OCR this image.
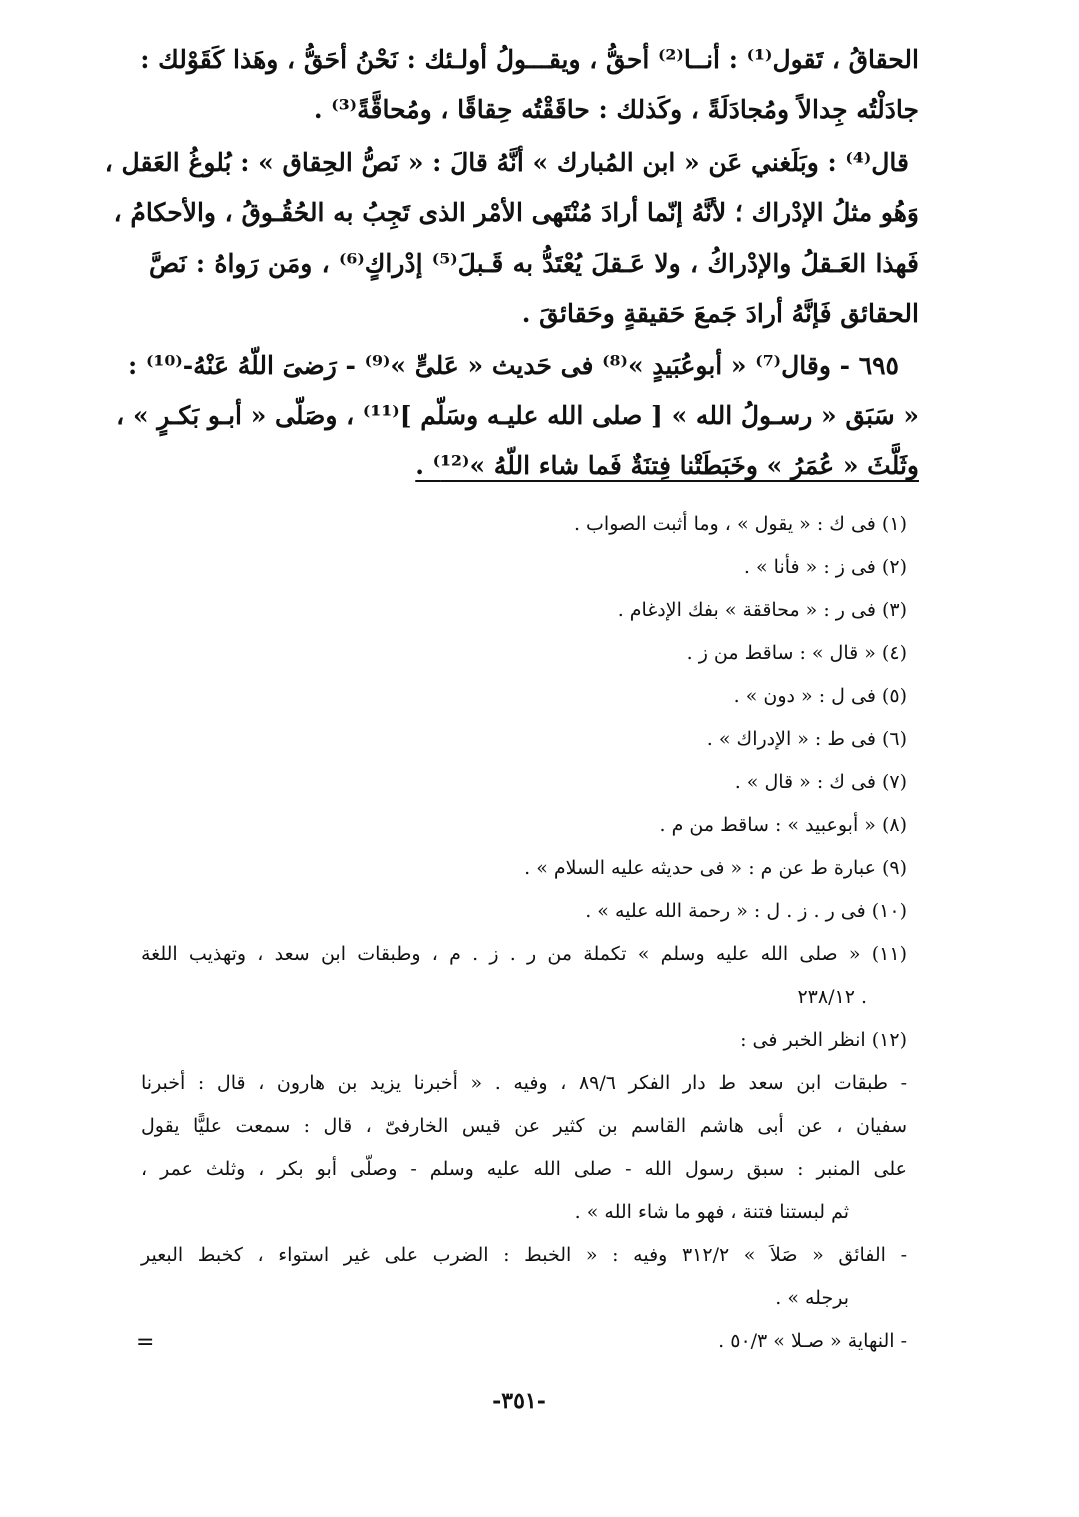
الحقاقُ ، تَقول⁽¹⁾ : أنــا⁽²⁾ أحقُّ ، ويقـــولُ أولـئك : نَحْنُ أحَقُّ ، وهَذا كَقَوْلك :
جادَلْتُه جِدالاً ومُجادَلَةً ، وكَذلك : حاقَقْتُه حِقاقًا ، ومُحاقَّةً⁽³⁾ .
قال⁽⁴⁾ : وبَلَغني عَن « ابن المُبارك » أنَّهُ قالَ : « نَصُّ الحِقاق » : بُلوغُ العَقل ،
وَهُو مثلُ الإدْراك ؛ لأنَّهُ إنّما أرادَ مُنْتَهى الأمْر الذى تَجِبُ به الحُقُـوقُ ، والأحكامُ ،
فَهذا العَـقلُ والإدْراكُ ، ولا عَـقلَ يُعْتَدُّ به قَـبلَ⁽⁵⁾ إدْراكٍ⁽⁶⁾ ، ومَن رَواهُ : نَصَّ
الحقائق فَإنَّهُ أرادَ جَمعَ حَقيقةٍ وحَقائقَ .
٦٩٥ - وقال⁽⁷⁾ « أبوعُبَيدٍ »⁽⁸⁾ فى حَديث « عَلىٍّ »⁽⁹⁾ - رَضىَ اللّهُ عَنْهُ-⁽¹⁰⁾ :
« سَبَق « رسـولُ الله » [ صلى الله عليـه وسَلّم ]⁽¹¹⁾ ، وصَلّى « أبـو بَكـرٍ » ،
وثَلَّثَ « عُمَرُ » وخَبَطَتْنا فِتنَةٌ فَما شاء اللّهُ »⁽¹²⁾ .
(١) فى ك : « يقول » ، وما أثبت الصواب .
(٢) فى ز : « فأنا » .
(٣) فى ر : « محاققة » بفك الإدغام .
(٤) « قال » : ساقط من ز .
(٥) فى ل : « دون » .
(٦) فى ط : « الإدراك » .
(٧) فى ك : « قال » .
(٨) « أبوعبيد » : ساقط من م .
(٩) عبارة ط عن م : « فى حديثه عليه السلام » .
(١٠) فى ر . ز . ل : « رحمة الله عليه » .
(١١) « صلى الله عليه وسلم » تكملة من ر . ز . م ، وطبقات ابن سعد ، وتهذيب اللغة
٢٣٨/١٢ .
(١٢) انظر الخبر فى :
- طبقات ابن سعد ط دار الفكر ٨٩/٦ ، وفيه . « أخبرنا يزيد بن هارون ، قال : أخبرنا
سفيان ، عن أبى هاشم القاسم بن كثير عن قيس الخارفىّ ، قال : سمعت عليًّا يقول
على المنبر : سبق رسول الله - صلى الله عليه وسلم - وصلّى أبو بكر ، وثلث عمر ،
ثم لبستنا فتنة ، فهو ما شاء الله » .
- الفائق « صَلاَ » ٣١٢/٢ وفيه : « الخبط : الضرب على غير استواء ، كخبط البعير
برجله » .
- النهاية « صـلا » ٥٠/٣ .
=
-٣٥١-
